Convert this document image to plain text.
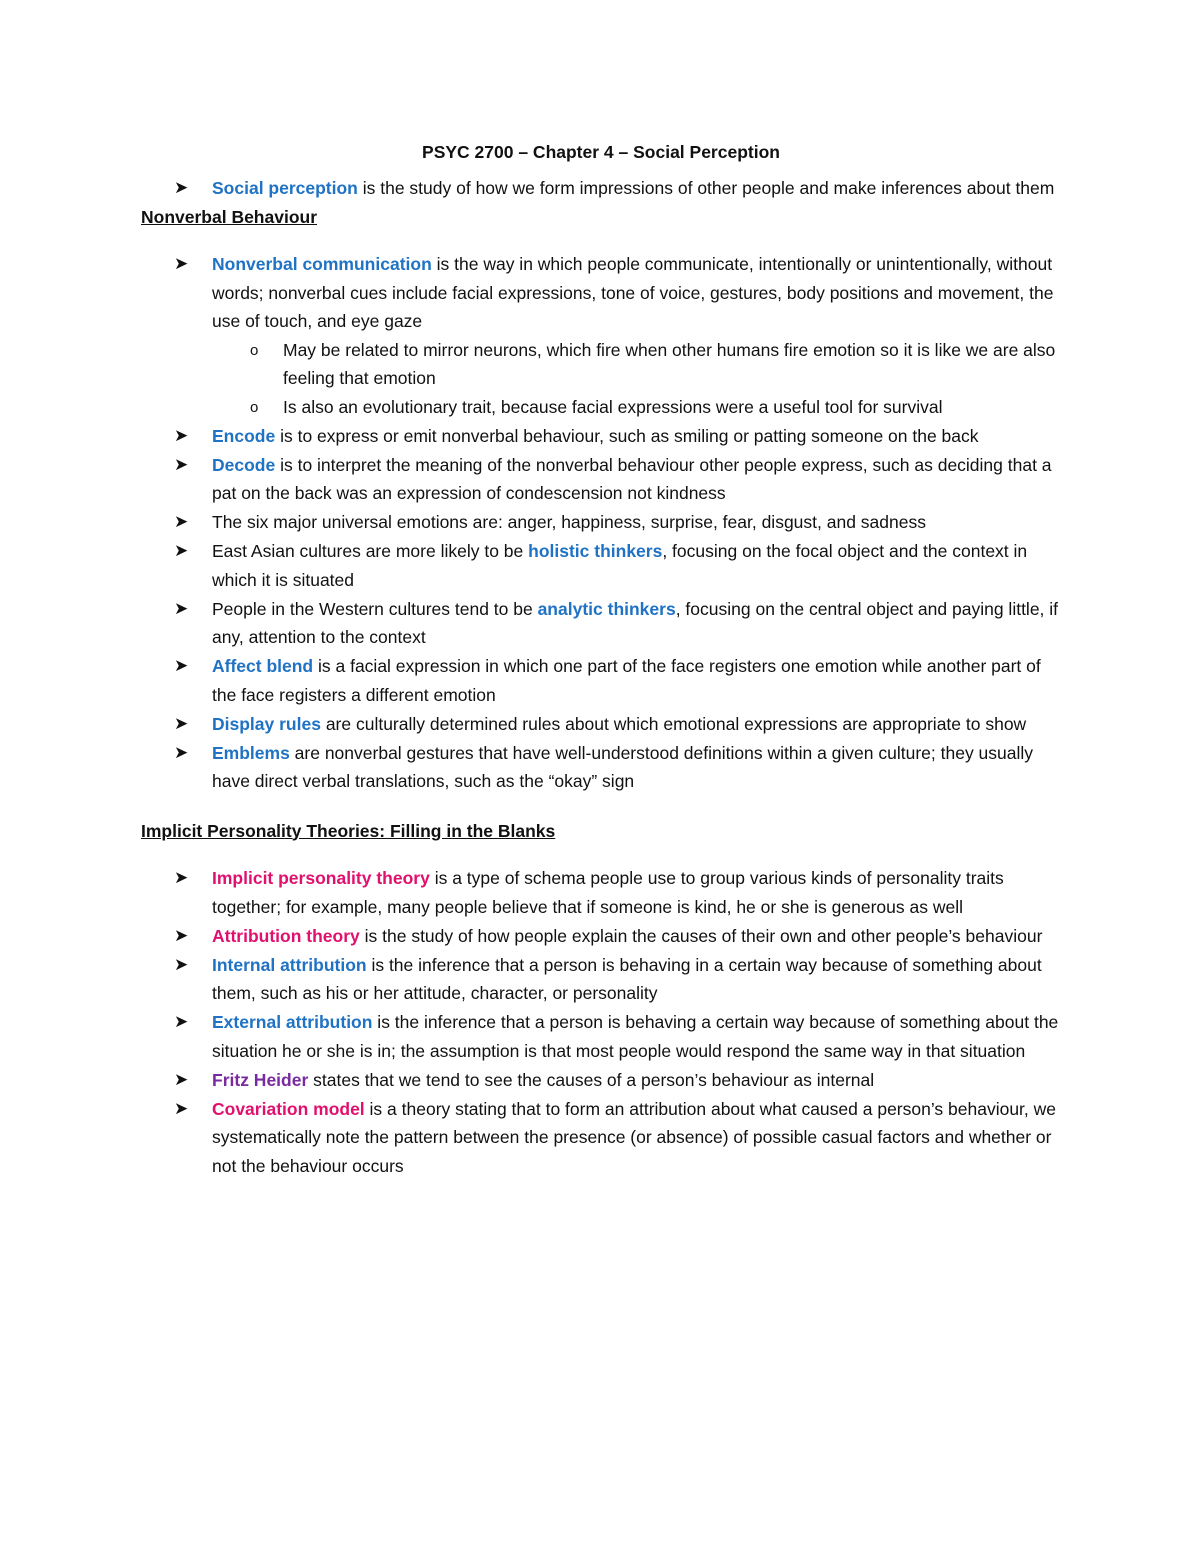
PSYC 2700 – Chapter 4 – Social Perception
➤ Social perception is the study of how we form impressions of other people and make inferences about them
Nonverbal Behaviour
➤ Nonverbal communication is the way in which people communicate, intentionally or unintentionally, without words; nonverbal cues include facial expressions, tone of voice, gestures, body positions and movement, the use of touch, and eye gaze
o May be related to mirror neurons, which fire when other humans fire emotion so it is like we are also feeling that emotion
o Is also an evolutionary trait, because facial expressions were a useful tool for survival
➤ Encode is to express or emit nonverbal behaviour, such as smiling or patting someone on the back
➤ Decode is to interpret the meaning of the nonverbal behaviour other people express, such as deciding that a pat on the back was an expression of condescension not kindness
➤ The six major universal emotions are: anger, happiness, surprise, fear, disgust, and sadness
➤ East Asian cultures are more likely to be holistic thinkers, focusing on the focal object and the context in which it is situated
➤ People in the Western cultures tend to be analytic thinkers, focusing on the central object and paying little, if any, attention to the context
➤ Affect blend is a facial expression in which one part of the face registers one emotion while another part of the face registers a different emotion
➤ Display rules are culturally determined rules about which emotional expressions are appropriate to show
➤ Emblems are nonverbal gestures that have well-understood definitions within a given culture; they usually have direct verbal translations, such as the “okay” sign
Implicit Personality Theories: Filling in the Blanks
➤ Implicit personality theory is a type of schema people use to group various kinds of personality traits together; for example, many people believe that if someone is kind, he or she is generous as well
➤ Attribution theory is the study of how people explain the causes of their own and other people’s behaviour
➤ Internal attribution is the inference that a person is behaving in a certain way because of something about them, such as his or her attitude, character, or personality
➤ External attribution is the inference that a person is behaving a certain way because of something about the situation he or she is in; the assumption is that most people would respond the same way in that situation
➤ Fritz Heider states that we tend to see the causes of a person’s behaviour as internal
➤ Covariation model is a theory stating that to form an attribution about what caused a person’s behaviour, we systematically note the pattern between the presence (or absence) of possible casual factors and whether or not the behaviour occurs
